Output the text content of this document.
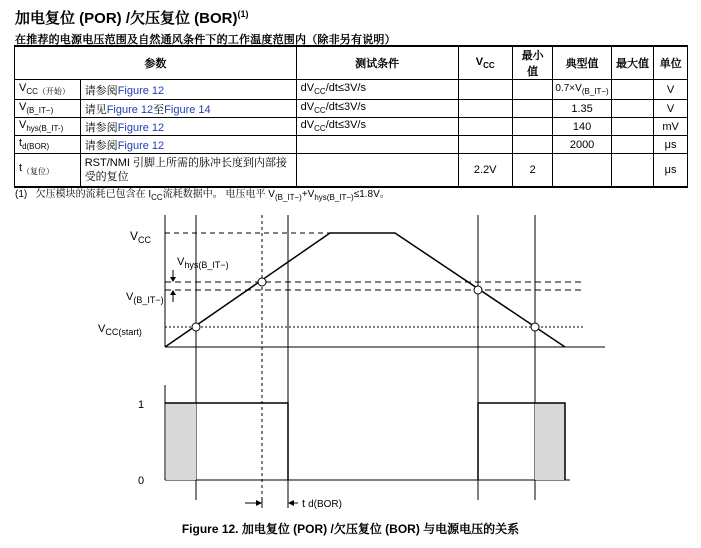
加电复位 (POR) /欠压复位 (BOR)$^{(1)}$
在推荐的电源电压范围及自然通风条件下的工作温度范围内（除非另有说明）
参数		测试条件	$V_{CC}$	最小值	典型值	最大值	单位
$V_{CC(开始)}$	请参阅Figure 12	$dV_{CC}/dt\le 3V/s$			$0.7\times V_{(B\_IT-)}$		V
$V_{(B\_IT-)}$	请见Figure 12至Figure 14	$dV_{CC}/dt\le 3V/s$			1.35		V
$V_{hys(B\_IT-)}$	请参阅Figure 12	$dV_{CC}/dt\le 3V/s$			140		mV
$t_{d(BOR)}$	请参阅Figure 12				2000		μs
$t_{(复位)}$	RST/NMI 引脚上所需的脉冲长度到内部接受的复位		2.2V	2			μs
(1) 欠压模块的流耗已包含在 $I_{CC}$流耗数据中。 电压电平 $V_{(B\_IT-)}+V_{hys(B\_IT-)}\le 1.8V$。
$V_{CC}$
$V_{hys(B\_IT-)}$
$V_{(B\_IT-)}$
$V_{CC(start)}$
1
0
t d(BOR)
Figure 12. 加电复位 (POR) /欠压复位 (BOR) 与电源电压的关系
